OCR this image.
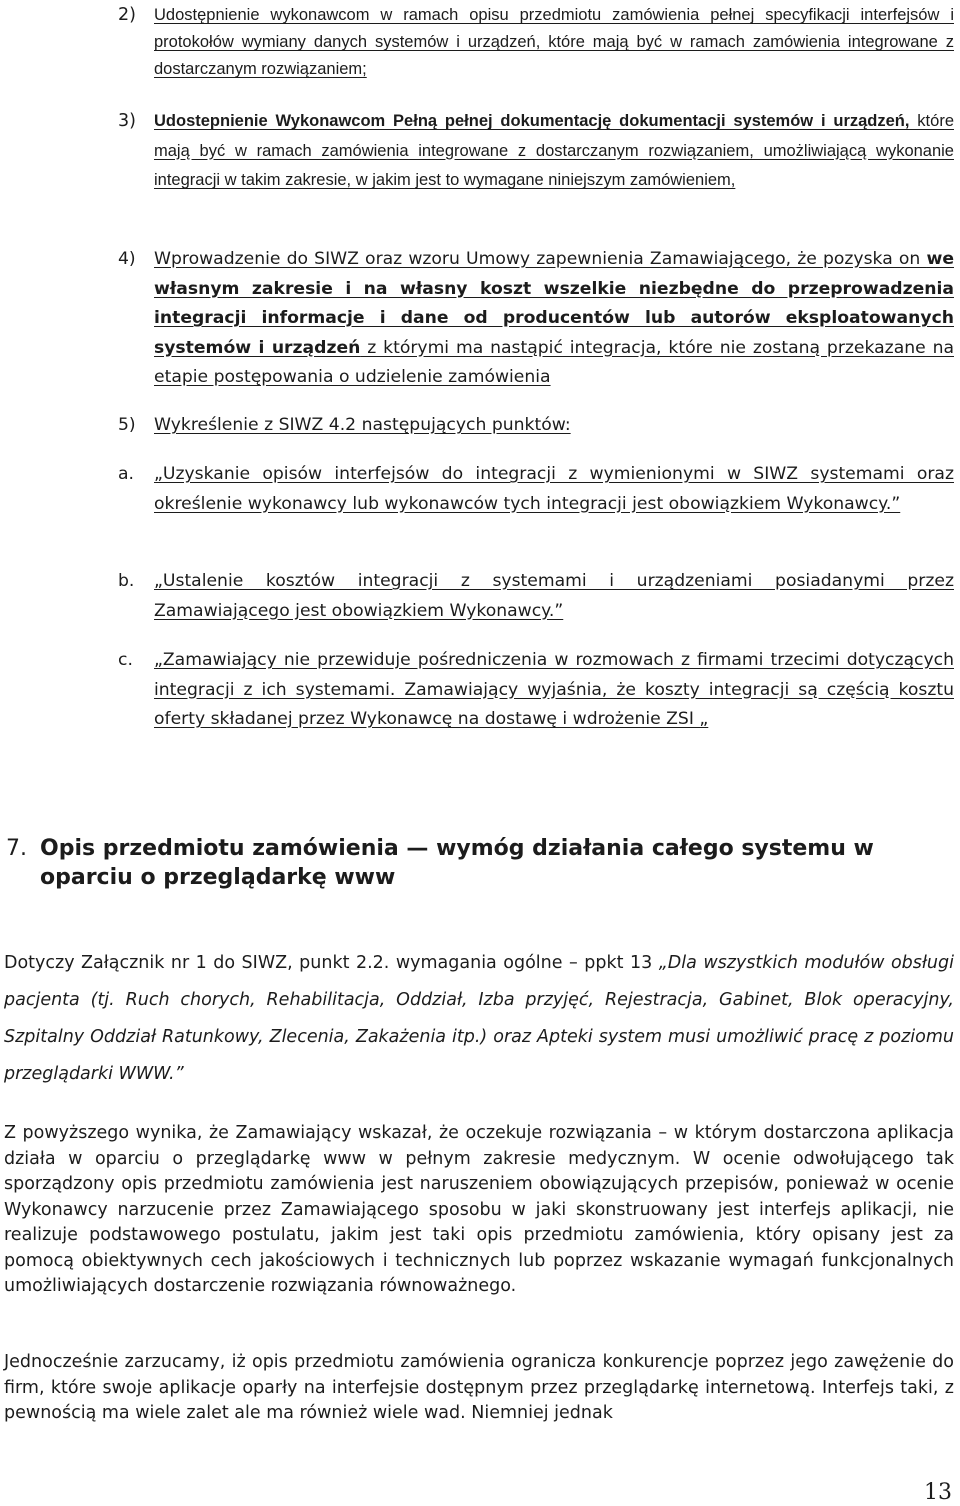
2) Udostępnienie wykonawcom w ramach opisu przedmiotu zamówienia pełnej specyfikacji interfejsów i protokołów wymiany danych systemów i urządzeń, które mają być w ramach zamówienia integrowane z dostarczanym rozwiązaniem;
3) Udostepnienie Wykonawcom Pełną pełnej dokumentację dokumentacji systemów i urządzeń, które mają być w ramach zamówienia integrowane z dostarczanym rozwiązaniem, umożliwiającą wykonanie integracji w takim zakresie, w jakim jest to wymagane niniejszym zamówieniem,
4) Wprowadzenie do SIWZ oraz wzoru Umowy zapewnienia Zamawiającego, że pozyska on we własnym zakresie i na własny koszt wszelkie niezbędne do przeprowadzenia integracji informacje i dane od producentów lub autorów eksploatowanych systemów i urządzeń z którymi ma nastąpić integracja, które nie zostaną przekazane na etapie postępowania o udzielenie zamówienia
5) Wykreślenie z SIWZ 4.2 następujących punktów:
a. „Uzyskanie opisów interfejsów do integracji z wymienionymi w SIWZ systemami oraz określenie wykonawcy lub wykonawców tych integracji jest obowiązkiem Wykonawcy.”
b. „Ustalenie kosztów integracji z systemami i urządzeniami posiadanymi przez Zamawiającego jest obowiązkiem Wykonawcy.”
c. „Zamawiający nie przewiduje pośredniczenia w rozmowach z firmami trzecimi dotyczących integracji z ich systemami. Zamawiający wyjaśnia, że koszty integracji są częścią kosztu oferty składanej przez Wykonawcę na dostawę i wdrożenie ZSI „
7. Opis przedmiotu zamówienia — wymóg działania całego systemu w oparciu o przeglądarkę www
Dotyczy Załącznik nr 1 do SIWZ, punkt 2.2. wymagania ogólne – ppkt 13 „Dla wszystkich modułów obsługi pacjenta (tj. Ruch chorych, Rehabilitacja, Oddział, Izba przyjęć, Rejestracja, Gabinet, Blok operacyjny, Szpitalny Oddział Ratunkowy, Zlecenia, Zakażenia itp.) oraz Apteki system musi umożliwić pracę z poziomu przeglądarki WWW.”
Z powyższego wynika, że Zamawiający wskazał, że oczekuje rozwiązania – w którym dostarczona aplikacja działa w oparciu o przeglądarkę www w pełnym zakresie medycznym. W ocenie odwołującego tak sporządzony opis przedmiotu zamówienia jest naruszeniem obowiązujących przepisów, ponieważ w ocenie Wykonawcy narzucenie przez Zamawiającego sposobu w jaki skonstruowany jest interfejs aplikacji, nie realizuje podstawowego postulatu, jakim jest taki opis przedmiotu zamówienia, który opisany jest za pomocą obiektywnych cech jakościowych i technicznych lub poprzez wskazanie wymagań funkcjonalnych umożliwiających dostarczenie rozwiązania równoważnego.
Jednocześnie zarzucamy, iż opis przedmiotu zamówienia ogranicza konkurencje poprzez jego zawężenie do firm, które swoje aplikacje oparły na interfejsie dostępnym przez przeglądarkę internetową. Interfejs taki, z pewnością ma wiele zalet ale ma również wiele wad. Niemniej jednak
13
